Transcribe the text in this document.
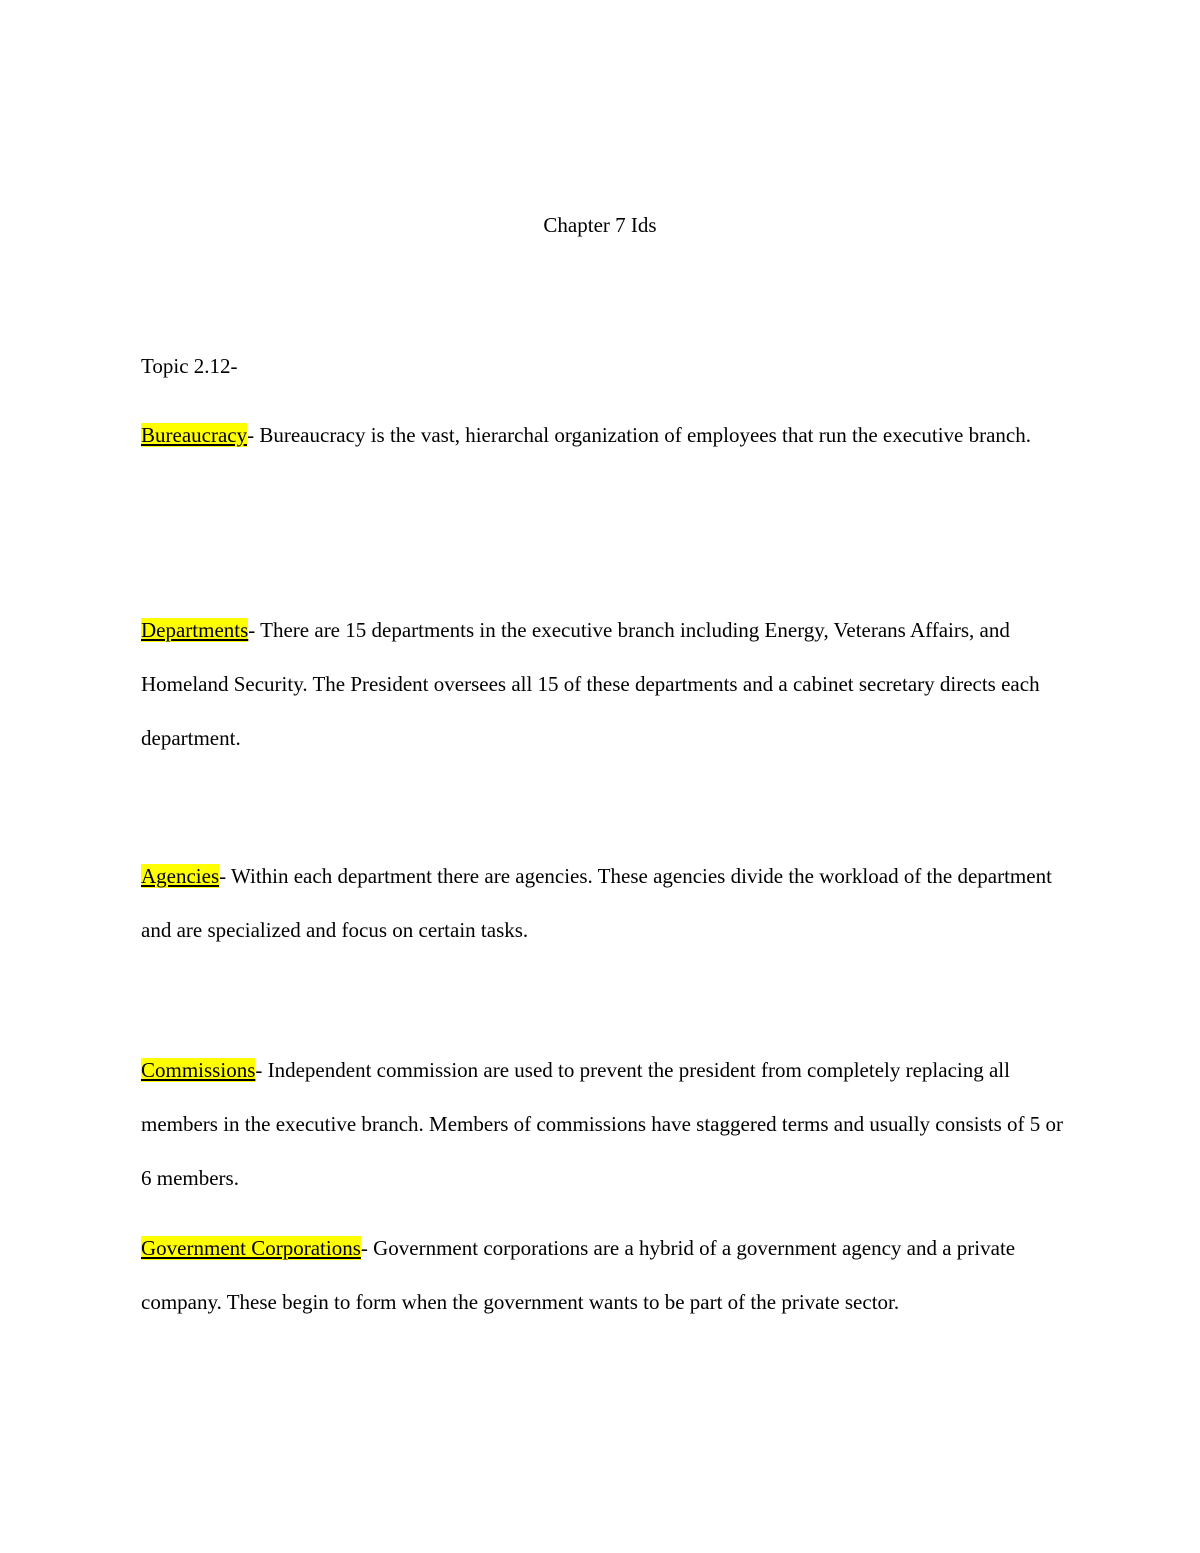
Chapter 7 Ids
Topic 2.12-

Bureaucracy- Bureaucracy is the vast, hierarchal organization of employees that run the executive branch.

Departments- There are 15 departments in the executive branch including Energy, Veterans Affairs, and Homeland Security. The President oversees all 15 of these departments and a cabinet secretary directs each department.

Agencies- Within each department there are agencies. These agencies divide the workload of the department and are specialized and focus on certain tasks.

Commissions- Independent commission are used to prevent the president from completely replacing all members in the executive branch. Members of commissions have staggered terms and usually consists of 5 or 6 members.

Government Corporations- Government corporations are a hybrid of a government agency and a private company. These begin to form when the government wants to be part of the private sector.
